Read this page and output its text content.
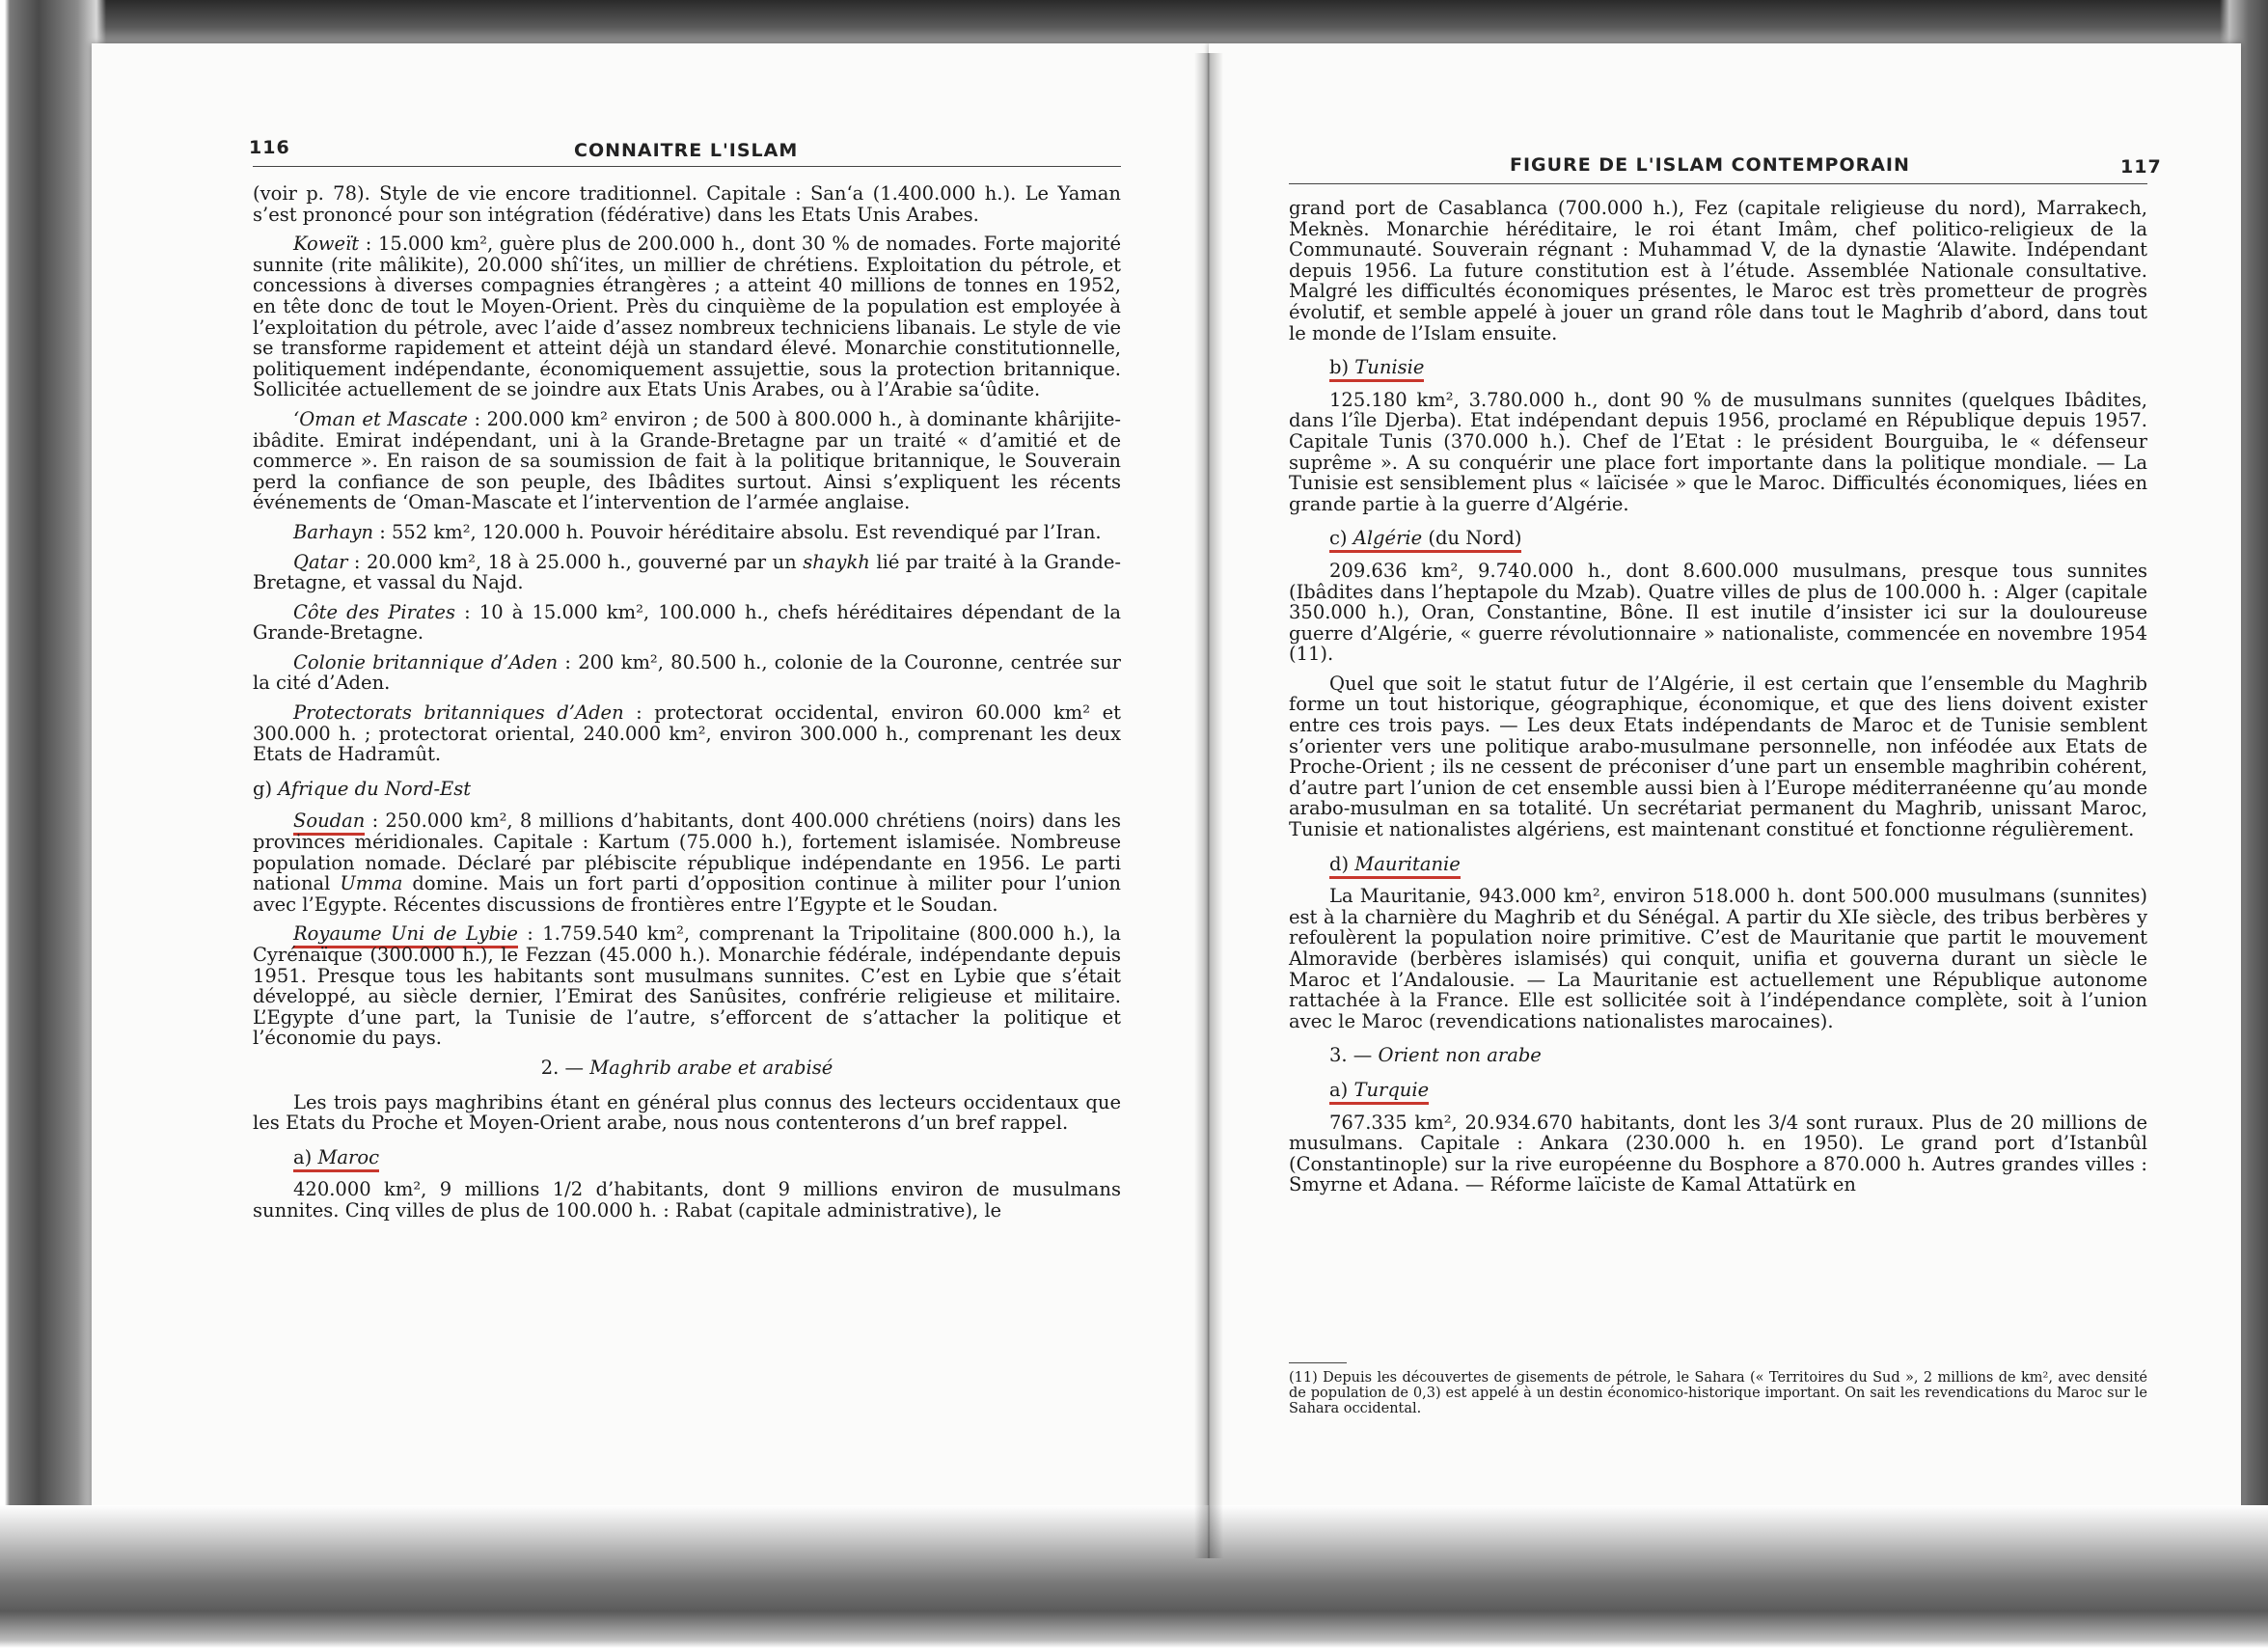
116	CONNAITRE L'ISLAM

(voir p. 78). Style de vie encore traditionnel. Capitale : San‘a (1.400.000 h.). Le Yaman s’est prononcé pour son intégration (fédérative) dans les Etats Unis Arabes.

Koweït : 15.000 km², guère plus de 200.000 h., dont 30 % de nomades. Forte majorité sunnite (rite mâlikite), 20.000 shî‘ites, un millier de chrétiens. Exploitation du pétrole, et concessions à diverses compagnies étrangères ; a atteint 40 millions de tonnes en 1952, en tête donc de tout le Moyen-Orient. Près du cinquième de la population est employée à l’exploitation du pétrole, avec l’aide d’assez nombreux techniciens libanais. Le style de vie se transforme rapidement et atteint déjà un standard élevé. Monarchie constitutionnelle, politiquement indépendante, économiquement assujettie, sous la protection britannique. Sollicitée actuellement de se joindre aux Etats Unis Arabes, ou à l’Arabie sa‘ûdite.

‘Oman et Mascate : 200.000 km² environ ; de 500 à 800.000 h., à dominante khârijite-ibâdite. Emirat indépendant, uni à la Grande-Bretagne par un traité « d’amitié et de commerce ». En raison de sa soumission de fait à la politique britannique, le Souverain perd la confiance de son peuple, des Ibâdites surtout. Ainsi s’expliquent les récents événements de ‘Oman-Mascate et l’intervention de l’armée anglaise.

Barhayn : 552 km², 120.000 h. Pouvoir héréditaire absolu. Est revendiqué par l’Iran.

Qatar : 20.000 km², 18 à 25.000 h., gouverné par un shaykh lié par traité à la Grande-Bretagne, et vassal du Najd.

Côte des Pirates : 10 à 15.000 km², 100.000 h., chefs héréditaires dépendant de la Grande-Bretagne.

Colonie britannique d’Aden : 200 km², 80.500 h., colonie de la Couronne, centrée sur la cité d’Aden.

Protectorats britanniques d’Aden : protectorat occidental, environ 60.000 km² et 300.000 h. ; protectorat oriental, 240.000 km², environ 300.000 h., comprenant les deux Etats de Hadramût.

g) Afrique du Nord-Est

Soudan : 250.000 km², 8 millions d’habitants, dont 400.000 chrétiens (noirs) dans les provinces méridionales. Capitale : Kartum (75.000 h.), fortement islamisée. Nombreuse population nomade. Déclaré par plébiscite république indépendante en 1956. Le parti national Umma domine. Mais un fort parti d’opposition continue à militer pour l’union avec l’Egypte. Récentes discussions de frontières entre l’Egypte et le Soudan.

Royaume Uni de Lybie : 1.759.540 km², comprenant la Tripolitaine (800.000 h.), la Cyrénaïque (300.000 h.), le Fezzan (45.000 h.). Monarchie fédérale, indépendante depuis 1951. Presque tous les habitants sont musulmans sunnites. C’est en Lybie que s’était développé, au siècle dernier, l’Emirat des Sanûsites, confrérie religieuse et militaire. L’Egypte d’une part, la Tunisie de l’autre, s’efforcent de s’attacher la politique et l’économie du pays.

2. — Maghrib arabe et arabisé

Les trois pays maghribins étant en général plus connus des lecteurs occidentaux que les Etats du Proche et Moyen-Orient arabe, nous nous contenterons d’un bref rappel.

a) Maroc

420.000 km², 9 millions 1/2 d’habitants, dont 9 millions environ de musulmans sunnites. Cinq villes de plus de 100.000 h. : Rabat (capitale administrative), le

FIGURE DE L'ISLAM CONTEMPORAIN	117

grand port de Casablanca (700.000 h.), Fez (capitale religieuse du nord), Marrakech, Meknès. Monarchie héréditaire, le roi étant Imâm, chef politico-religieux de la Communauté. Souverain régnant : Muhammad V, de la dynastie ‘Alawite. Indépendant depuis 1956. La future constitution est à l’étude. Assemblée Nationale consultative. Malgré les difficultés économiques présentes, le Maroc est très prometteur de progrès évolutif, et semble appelé à jouer un grand rôle dans tout le Maghrib d’abord, dans tout le monde de l’Islam ensuite.

b) Tunisie

125.180 km², 3.780.000 h., dont 90 % de musulmans sunnites (quelques Ibâdites, dans l’île Djerba). Etat indépendant depuis 1956, proclamé en République depuis 1957. Capitale Tunis (370.000 h.). Chef de l’Etat : le président Bourguiba, le « défenseur suprême ». A su conquérir une place fort importante dans la politique mondiale. — La Tunisie est sensiblement plus « laïcisée » que le Maroc. Difficultés économiques, liées en grande partie à la guerre d’Algérie.

c) Algérie (du Nord)

209.636 km², 9.740.000 h., dont 8.600.000 musulmans, presque tous sunnites (Ibâdites dans l’heptapole du Mzab). Quatre villes de plus de 100.000 h. : Alger (capitale 350.000 h.), Oran, Constantine, Bône. Il est inutile d’insister ici sur la douloureuse guerre d’Algérie, « guerre révolutionnaire » nationaliste, commencée en novembre 1954 (11).

Quel que soit le statut futur de l’Algérie, il est certain que l’ensemble du Maghrib forme un tout historique, géographique, économique, et que des liens doivent exister entre ces trois pays. — Les deux Etats indépendants de Maroc et de Tunisie semblent s’orienter vers une politique arabo-musulmane personnelle, non inféodée aux Etats de Proche-Orient ; ils ne cessent de préconiser d’une part un ensemble maghribin cohérent, d’autre part l’union de cet ensemble aussi bien à l’Europe méditerranéenne qu’au monde arabo-musulman en sa totalité. Un secrétariat permanent du Maghrib, unissant Maroc, Tunisie et nationalistes algériens, est maintenant constitué et fonctionne régulièrement.

d) Mauritanie

La Mauritanie, 943.000 km², environ 518.000 h. dont 500.000 musulmans (sunnites) est à la charnière du Maghrib et du Sénégal. A partir du XIe siècle, des tribus berbères y refoulèrent la population noire primitive. C’est de Mauritanie que partit le mouvement Almoravide (berbères islamisés) qui conquit, unifia et gouverna durant un siècle le Maroc et l’Andalousie. — La Mauritanie est actuellement une République autonome rattachée à la France. Elle est sollicitée soit à l’indépendance complète, soit à l’union avec le Maroc (revendications nationalistes marocaines).

3. — Orient non arabe

a) Turquie

767.335 km², 20.934.670 habitants, dont les 3/4 sont ruraux. Plus de 20 millions de musulmans. Capitale : Ankara (230.000 h. en 1950). Le grand port d’Istanbûl (Constantinople) sur la rive européenne du Bosphore a 870.000 h. Autres grandes villes : Smyrne et Adana. — Réforme laïciste de Kamal Attatürk en

(11) Depuis les découvertes de gisements de pétrole, le Sahara (« Territoires du Sud », 2 millions de km², avec densité de population de 0,3) est appelé à un destin économico-historique important. On sait les revendications du Maroc sur le Sahara occidental.
